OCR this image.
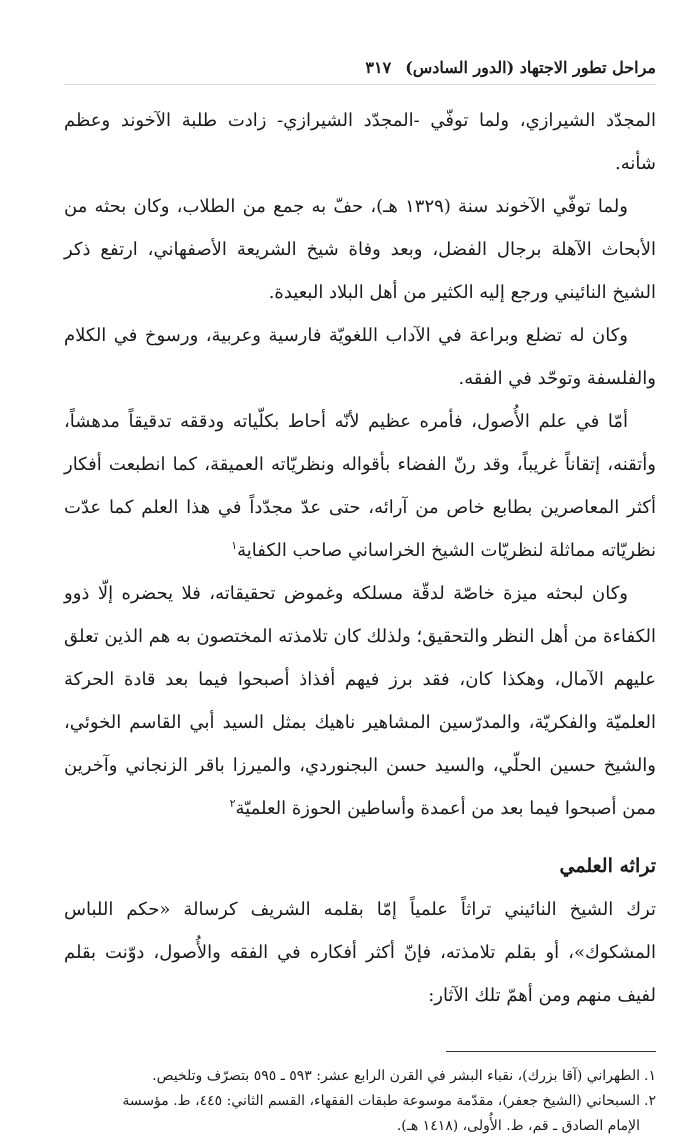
مراحل تطور الاجتهاد (الدور السادس)
٣١٧

المجدّد الشيرازي، ولما توفّي -المجدّد الشيرازي- زادت طلبة الآخوند وعظم شأنه.

ولما توفّي الآخوند سنة (١٣٢٩ هـ)، حفّ به جمع من الطلاب، وكان بحثه من الأبحاث الآهلة برجال الفضل، وبعد وفاة شيخ الشريعة الأصفهاني، ارتفع ذكر الشيخ النائيني ورجع إليه الكثير من أهل البلاد البعيدة.

وكان له تضلع وبراعة في الآداب اللغويّة فارسية وعربية، ورسوخ في الكلام والفلسفة وتوحّد في الفقه.

أمّا في علم الأُصول، فأمره عظيم لأنّه أحاط بكلّياته ودققه تدقيقاً مدهشاً، وأتقنه، إتقاناً غريباً، وقد رنّ الفضاء بأقواله ونظريّاته العميقة، كما انطبعت أفكار أكثر المعاصرين بطابع خاص من آرائه، حتى عدّ مجدّداً في هذا العلم كما عدّت نظريّاته مماثلة لنظريّات الشيخ الخراساني صاحب الكفاية$^١$

وكان لبحثه ميزة خاصّة لدقّة مسلكه وغموض تحقيقاته، فلا يحضره إلّا ذوو الكفاءة من أهل النظر والتحقيق؛ ولذلك كان تلامذته المختصون به هم الذين تعلق عليهم الآمال، وهكذا كان، فقد برز فيهم أفذاذ أصبحوا فيما بعد قادة الحركة العلميّة والفكريّة، والمدرّسين المشاهير ناهيك بمثل السيد أبي القاسم الخوئي، والشيخ حسين الحلّي، والسيد حسن البجنوردي، والميرزا باقر الزنجاني وآخرين ممن أصبحوا فيما بعد من أعمدة وأساطين الحوزة العلميّة$^٢$

تراثه العلمي

ترك الشيخ النائيني تراثاً علمياً إمّا بقلمه الشريف كرسالة «حكم اللباس المشكوك»، أو بقلم تلامذته، فإنّ أكثر أفكاره في الفقه والأُصول، دوّنت بقلم لفيف منهم ومن أهمّ تلك الآثار:

١.الطهراني (آقا بزرك)، نقباء البشر في القرن الرابع عشر: ٥٩٣ ـ ٥٩٥ بتصرّف وتلخيص.

٢.السبحاني (الشيخ جعفر)، مقدّمة موسوعة طبقات الفقهاء، القسم الثاني: ٤٤٥، ط. مؤسسة

الإمام الصادق ـ قم، ط. الأُولى، (١٤١٨ هـ).
